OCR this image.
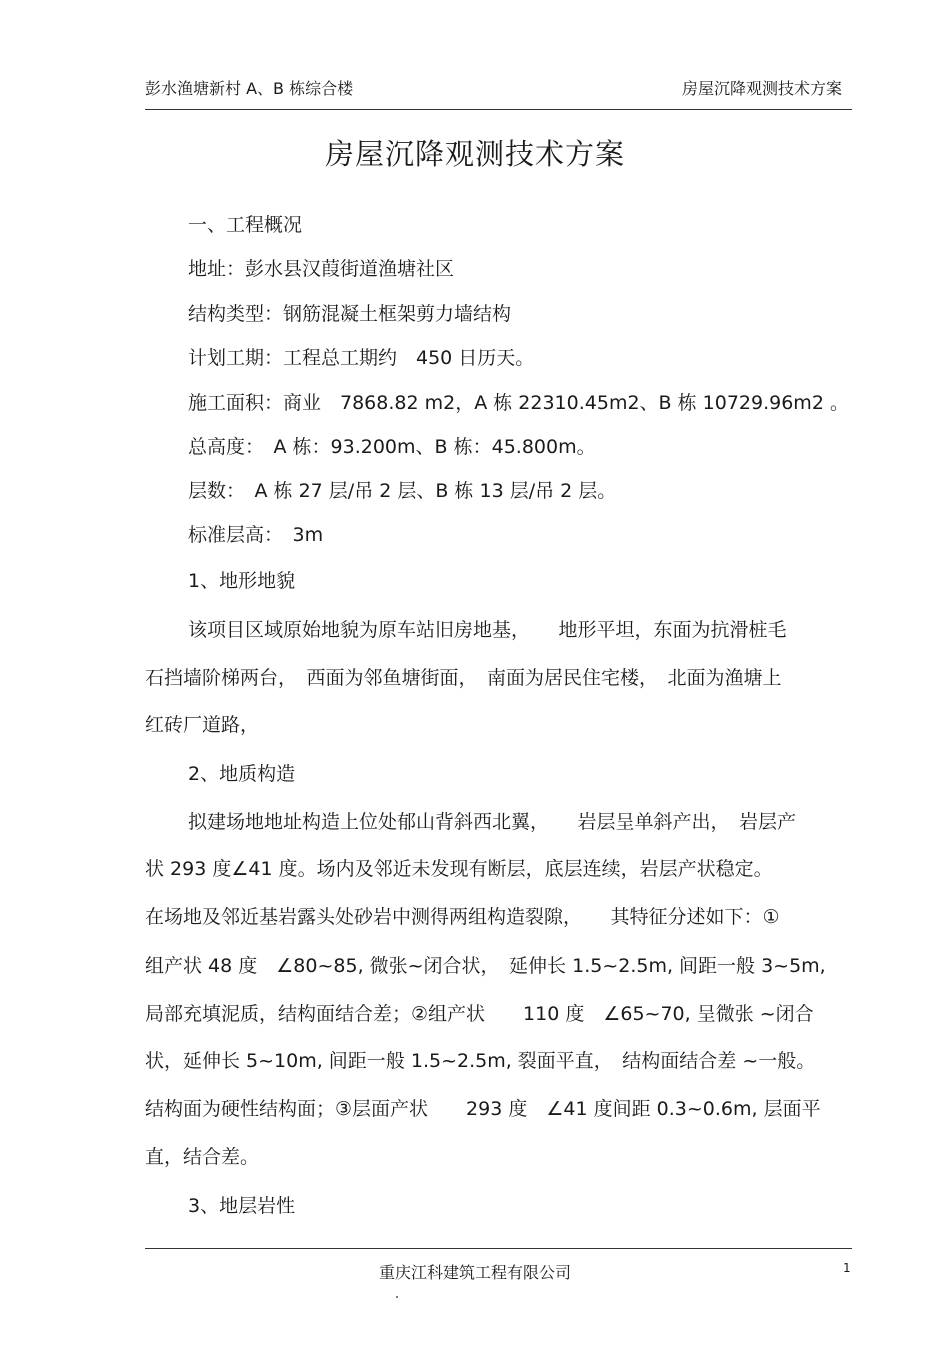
彭水渔塘新村 A、B 栋综合楼	房屋沉降观测技术方案
房屋沉降观测技术方案
一、工程概况
地址：彭水县汉葭街道渔塘社区
结构类型：钢筋混凝土框架剪力墙结构
计划工期：工程总工期约　450 日历天。
施工面积：商业　7868.82 m2，A 栋 22310.45m2、B 栋 10729.96m2 。
总高度：　A 栋：93.200m、B 栋：45.800m。
层数：　A 栋 27 层/吊 2 层、B 栋 13 层/吊 2 层。
标准层高：　3m
1、地形地貌
该项目区域原始地貌为原车站旧房地基，　　地形平坦，东面为抗滑桩毛
石挡墙阶梯两台，　西面为邻鱼塘街面，　南面为居民住宅楼，　北面为渔塘上
红砖厂道路，
2、地质构造
拟建场地地址构造上位处郁山背斜西北翼，　　岩层呈单斜产出，　岩层产
状 293 度∠41 度。场内及邻近未发现有断层，底层连续，岩层产状稳定。
在场地及邻近基岩露头处砂岩中测得两组构造裂隙，　　其特征分述如下：①
组产状 48 度　∠80~85, 微张~闭合状，　延伸长 1.5~2.5m, 间距一般 3~5m,
局部充填泥质，结构面结合差；②组产状　　110 度　∠65~70, 呈微张 ~闭合
状，延伸长 5~10m, 间距一般 1.5~2.5m, 裂面平直，　结构面结合差 ~一般。
结构面为硬性结构面；③层面产状　　293 度　∠41 度间距 0.3~0.6m, 层面平
直，结合差。
3、地层岩性
重庆江科建筑工程有限公司	1
